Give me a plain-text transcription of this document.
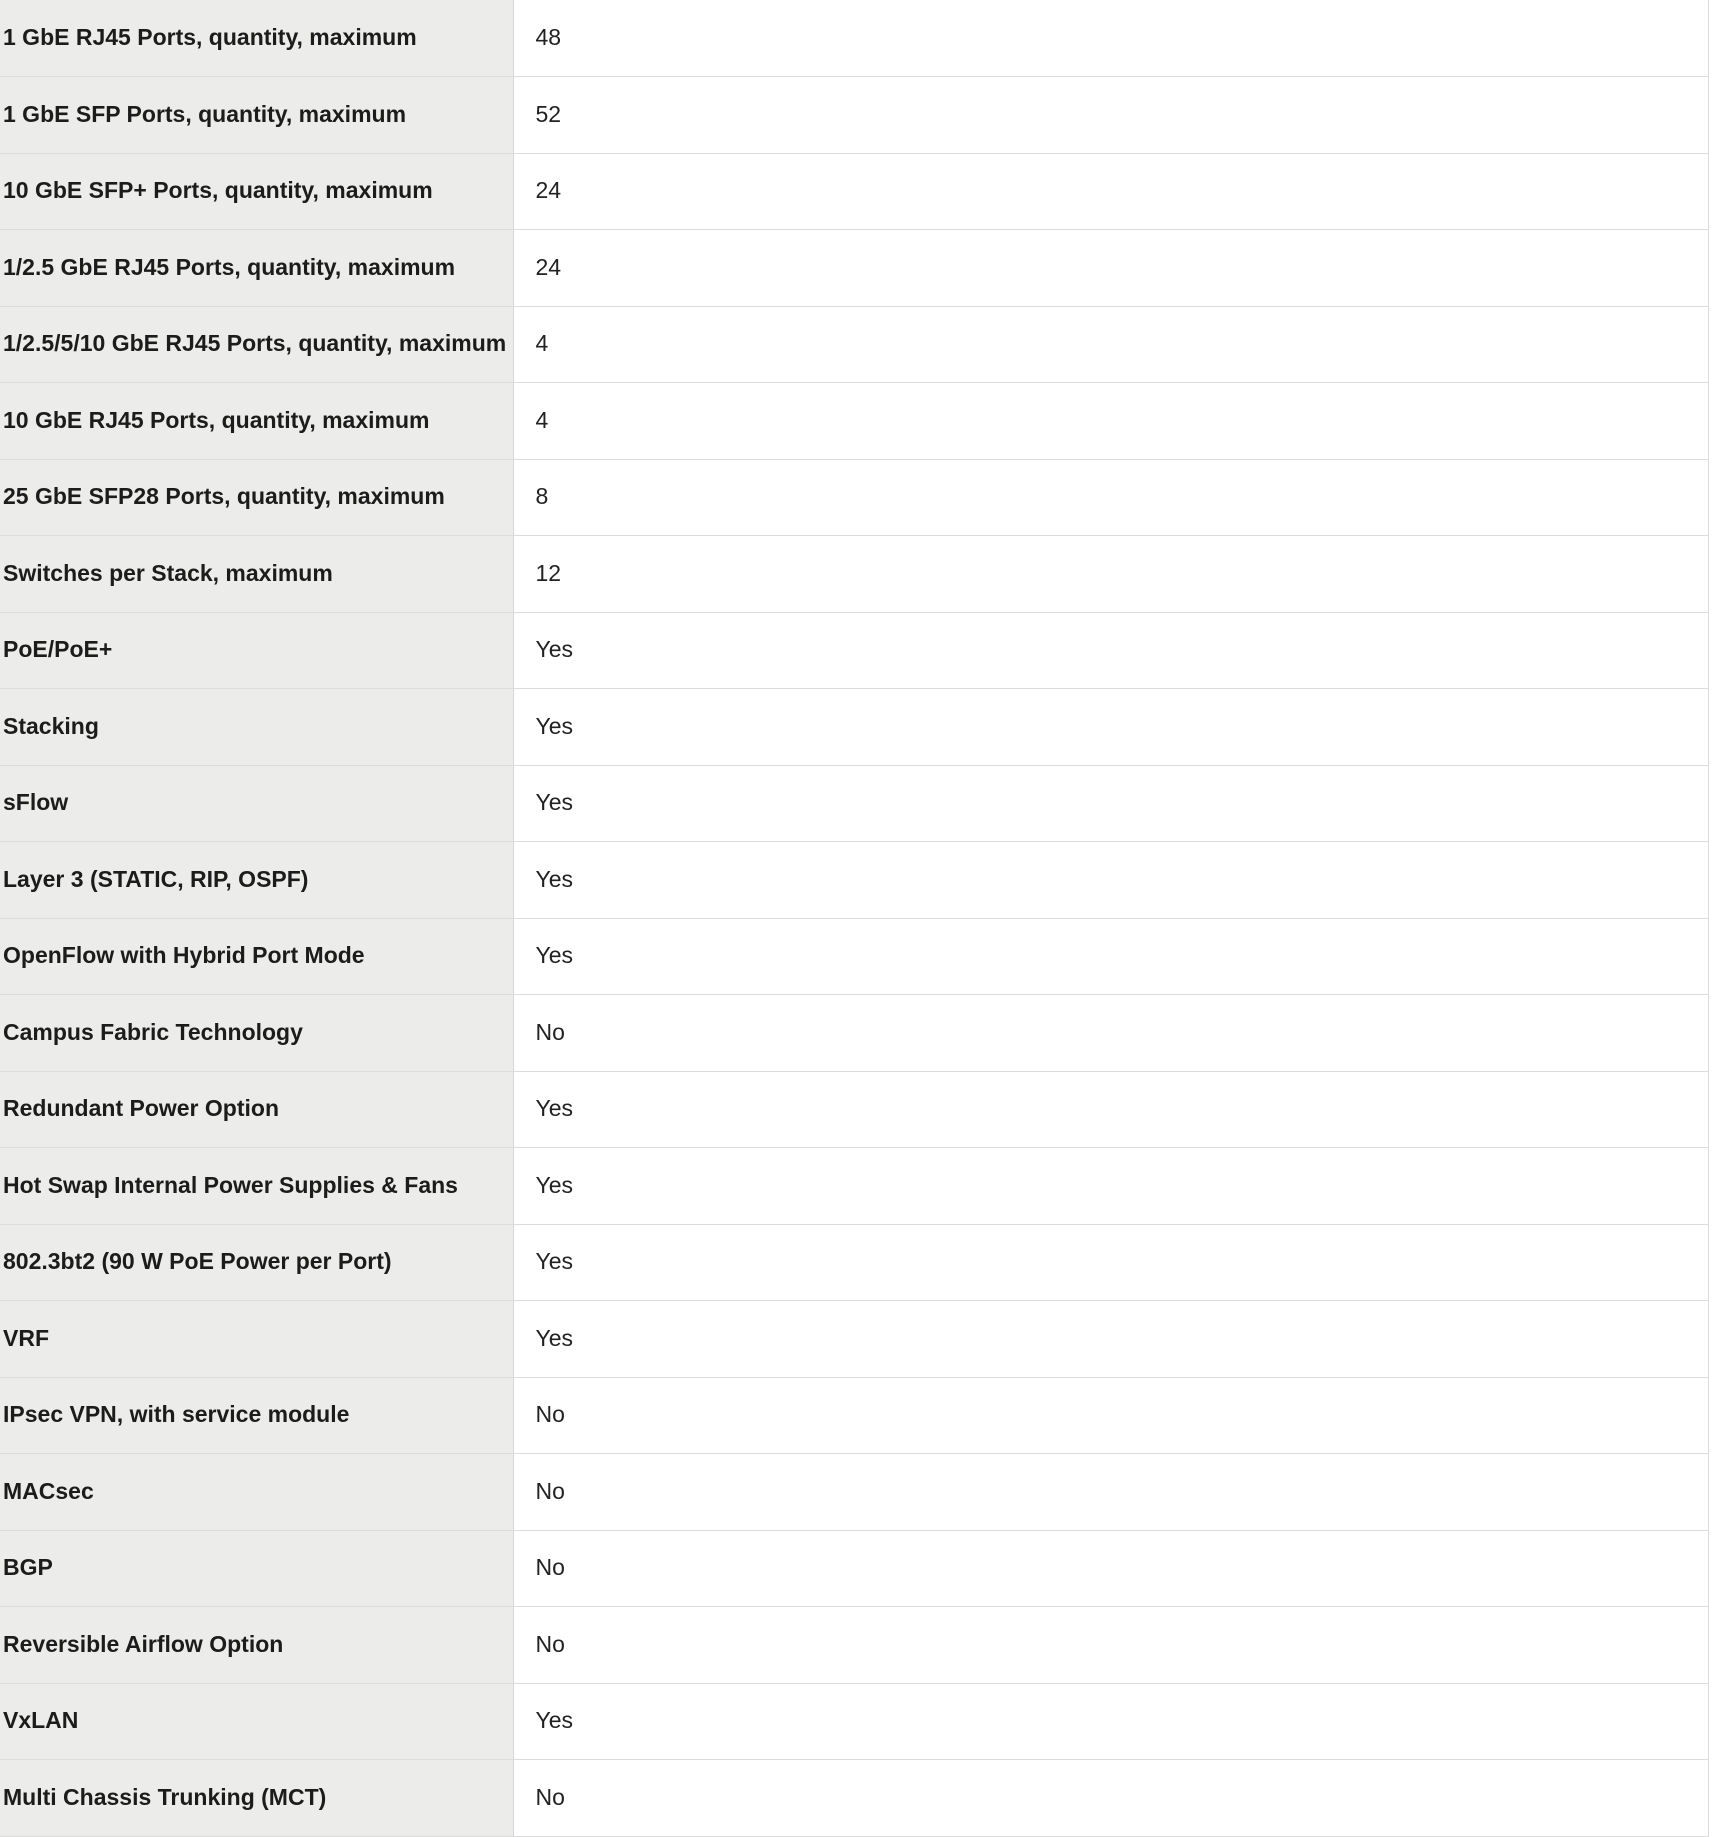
1 GbE RJ45 Ports, quantity, maximum	48
1 GbE SFP Ports, quantity, maximum	52
10 GbE SFP+ Ports, quantity, maximum	24
1/2.5 GbE RJ45 Ports, quantity, maximum	24
1/2.5/5/10 GbE RJ45 Ports, quantity, maximum	4
10 GbE RJ45 Ports, quantity, maximum	4
25 GbE SFP28 Ports, quantity, maximum	8
Switches per Stack, maximum	12
PoE/PoE+	Yes
Stacking	Yes
sFlow	Yes
Layer 3 (STATIC, RIP, OSPF)	Yes
OpenFlow with Hybrid Port Mode	Yes
Campus Fabric Technology	No
Redundant Power Option	Yes
Hot Swap Internal Power Supplies & Fans	Yes
802.3bt2 (90 W PoE Power per Port)	Yes
VRF	Yes
IPsec VPN, with service module	No
MACsec	No
BGP	No
Reversible Airflow Option	No
VxLAN	Yes
Multi Chassis Trunking (MCT)	No
